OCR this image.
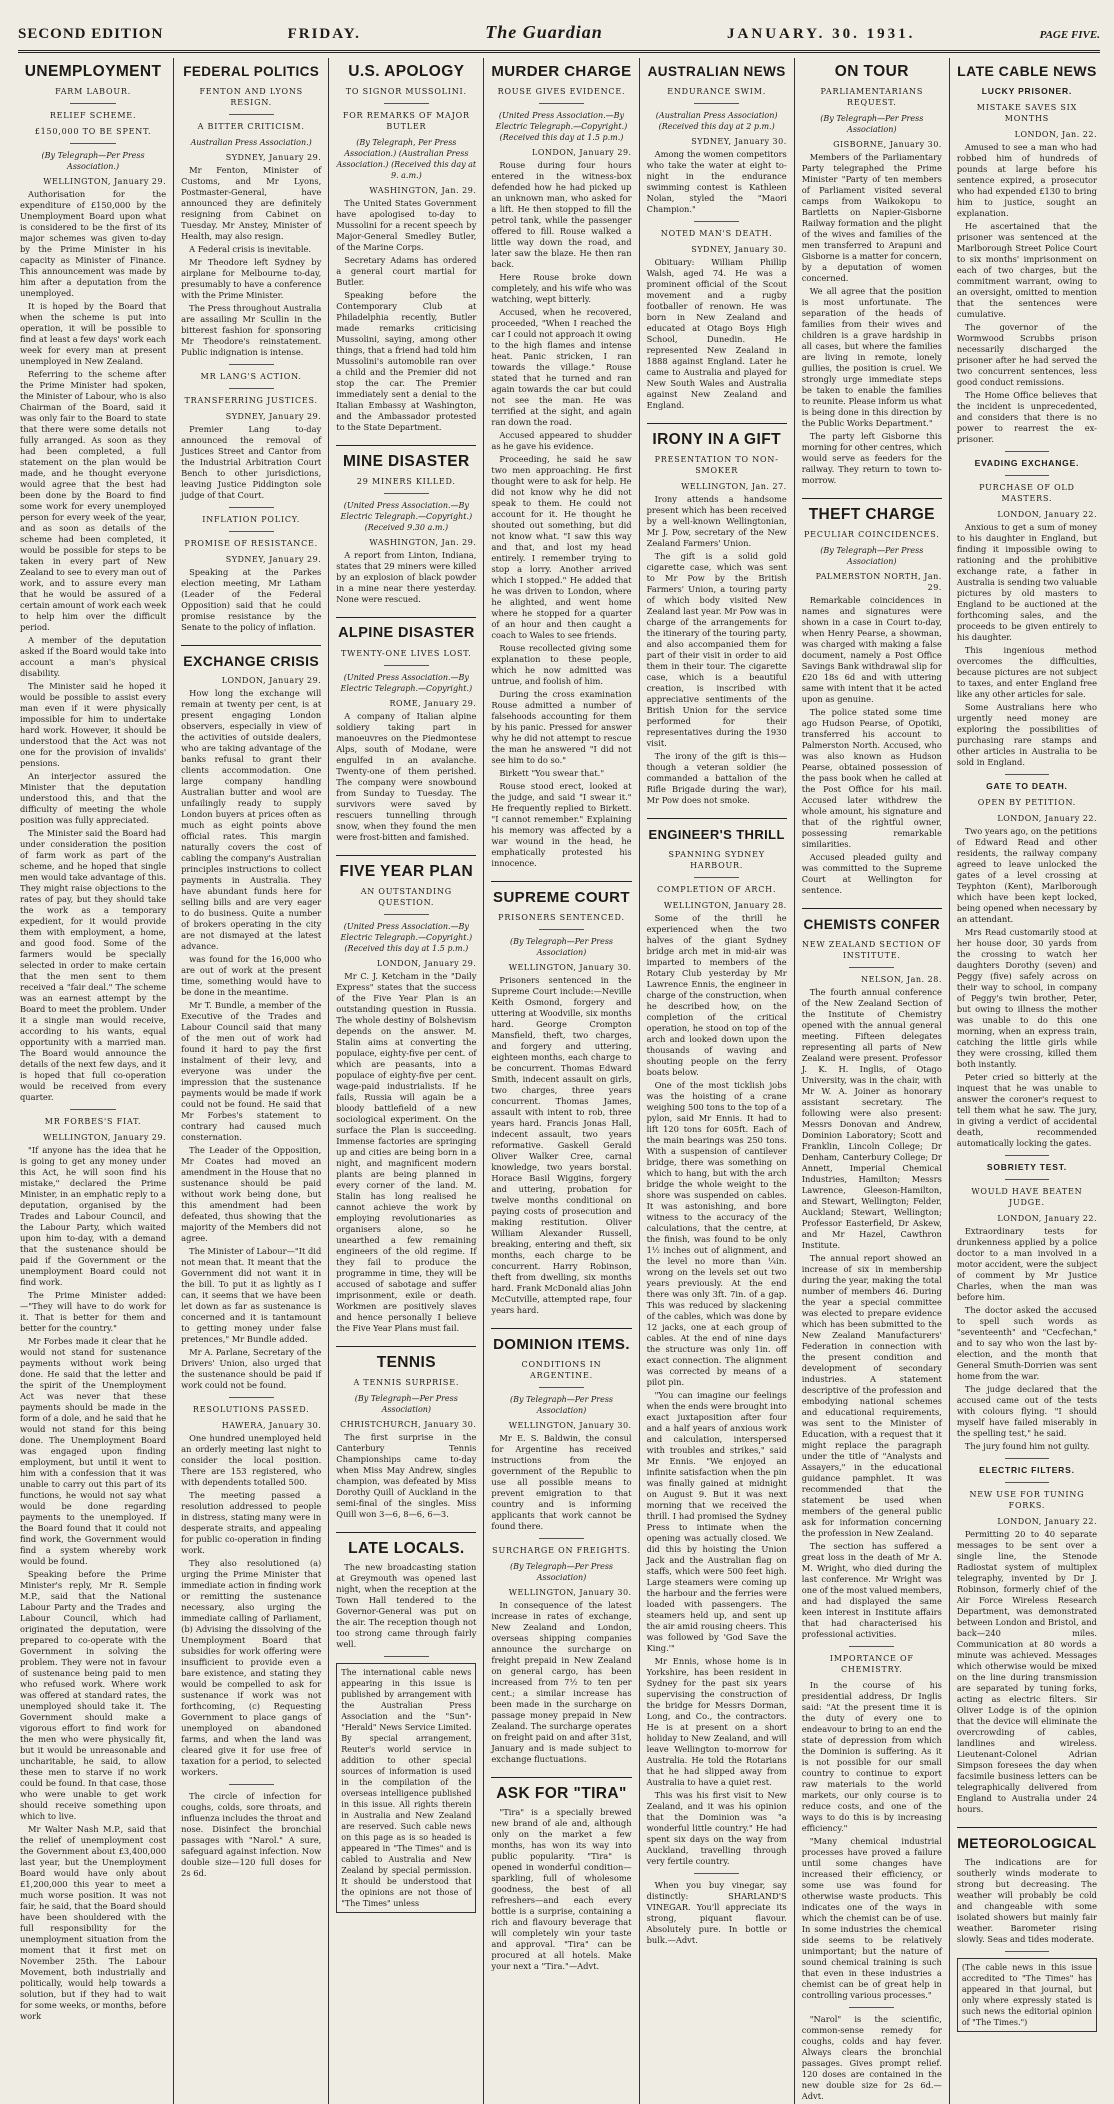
SECOND EDITION	FRIDAY.	The Guardian	JANUARY. 30. 1931.	PAGE FIVE.
UNEMPLOYMENT
FARM LABOUR.
RELIEF SCHEME.
£150,000 TO BE SPENT.
(By Telegraph—Per Press Association.)
WELLINGTON, January 29.

Authorisation for the expenditure of £150,000 by the Unemployment Board upon what is considered to be the first of its major schemes was given to-day by the Prime Minister in his capacity as Minister of Finance. This announcement was made by him after a deputation from the unemployed.

It is hoped by the Board that when the scheme is put into operation, it will be possible to find at least a few days' work each week for every man at present unemployed in New Zealand.

Referring to the scheme after the Prime Minister had spoken, the Minister of Labour, who is also Chairman of the Board, said it was only fair to the Board to state that there were some details not fully arranged. As soon as they had been completed, a full statement on the plan would be made, and he thought everyone would agree that the best had been done by the Board to find some work for every unemployed person for every week of the year, and as soon as details of the scheme had been completed, it would be possible for steps to be taken in every part of New Zealand to see to every man out of work, and to assure every man that he would be assured of a certain amount of work each week to help him over the difficult period.

A member of the deputation asked if the Board would take into account a man's physical disability.

The Minister said he hoped it would be possible to assist every man even if it were physically impossible for him to undertake hard work. However, it should be understood that the Act was not one for the provision of invalids' pensions.

An interjector assured the Minister that the deputation understood this, and that the difficulty of meeting the whole position was fully appreciated.

The Minister said the Board had under consideration the position of farm work as part of the scheme, and he hoped that single men would take advantage of this. They might raise objections to the rates of pay, but they should take the work as a temporary expedient, for it would provide them with employment, a home, and good food. Some of the farmers would be specially selected in order to make certain that the men sent to them received a "fair deal." The scheme was an earnest attempt by the Board to meet the problem. Under it a single man would receive, according to his wants, equal opportunity with a married man. The Board would announce the details of the next few days, and it is hoped that full co-operation would be received from every quarter.

MR FORBES'S FIAT.
WELLINGTON, January 29.

"If anyone has the idea that he is going to get any money under this Act, he will soon find his mistake," declared the Prime Minister, in an emphatic reply to a deputation, organised by the Trades and Labour Council, and the Labour Party, which waited upon him to-day, with a demand that the sustenance should be paid if the Government or the unemployment Board could not find work.

The Prime Minister added:—"They will have to do work for it. That is better for them and better for the country."

Mr Forbes made it clear that he would not stand for sustenance payments without work being done. He said that the letter and the spirit of the Unemployment Act was never that these payments should be made in the form of a dole, and he said that he would not stand for this being done. The Unemployment Board was engaged upon finding employment, but until it went to him with a confession that it was unable to carry out this part of its functions, he would not say what would be done regarding payments to the unemployed. If the Board found that it could not find work, the Government would find a system whereby work would be found.

Speaking before the Prime Minister's reply, Mr R. Semple M.P., said that the National Labour Party and the Trades and Labour Council, which had originated the deputation, were prepared to co-operate with the Government in solving the problem. They were not in favour of sustenance being paid to men who refused work. Where work was offered at standard rates, the unemployed should take it. The Government should make a vigorous effort to find work for the men who were physically fit, but it would be unreasonable and uncharitable, he said, to allow these men to starve if no work could be found. In that case, those who were unable to get work should receive something upon which to live.

Mr Walter Nash M.P., said that the relief of unemployment cost the Government about £3,400,000 last year, but the Unemployment Board would have only about £1,200,000 this year to meet a much worse position. It was not fair, he said, that the Board should have been shouldered with the full responsibility for the unemployment situation from the moment that it first met on November 25th. The Labour Movement, both industrially and politically, would help towards a solution, but if they had to wait for some weeks, or months, before work

FEDERAL POLITICS
FENTON AND LYONS RESIGN.
A BITTER CRITICISM.
Australian Press Association.)
SYDNEY, January 29.

Mr Fenton, Minister of Customs, and Mr Lyons, Postmaster-General, have announced they are definitely resigning from Cabinet on Tuesday. Mr Anstey, Minister of Health, may also resign.

A Federal crisis is inevitable.

Mr Theodore left Sydney by airplane for Melbourne to-day, presumably to have a conference with the Prime Minister.

The Press throughout Australia are assailing Mr Scullin in the bitterest fashion for sponsoring Mr Theodore's reinstatement. Public indignation is intense.

MR LANG'S ACTION.
TRANSFERRING JUSTICES.
SYDNEY, January 29.

Premier Lang to-day announced the removal of Justices Street and Cantor from the Industrial Arbitration Court Bench to other jurisdictions, leaving Justice Piddington sole judge of that Court.

INFLATION POLICY.
PROMISE OF RESISTANCE.
SYDNEY, January 29.

Speaking at the Parkes election meeting, Mr Latham (Leader of the Federal Opposition) said that he could promise resistance by the Senate to the policy of inflation.

EXCHANGE CRISIS
LONDON, January 29.

How long the exchange will remain at twenty per cent, is at present engaging London observers, especially in view of the activities of outside dealers, who are taking advantage of the banks refusal to grant their clients accommodation. One large company handling Australian butter and wool are unfailingly ready to supply London buyers at prices often as much as eight points above official rates. This margin naturally covers the cost of cabling the company's Australian principles instructions to collect payments in Australia. They have abundant funds here for selling bills and are very eager to do business. Quite a number of brokers operating in the city are not dismayed at the latest advance.

was found for the 16,000 who are out of work at the present time, something would have to be done in the meantime.

Mr T. Bundle, a member of the Executive of the Trades and Labour Council said that many of the men out of work had found it hard to pay the first instalment of their levy, and everyone was under the impression that the sustenance payments would be made if work could not be found. He said that Mr Forbes's statement to contrary had caused much consternation.

The Leader of the Opposition, Mr Coates had moved an amendment in the House that no sustenance should be paid without work being done, but this amendment had been defeated, thus showing that the majority of the Members did not agree.

The Minister of Labour—"It did not mean that. It meant that the Government did not want it in the bill. To put it as lightly as I can, it seems that we have been let down as far as sustenance is concerned and it is tantamount to getting money under false pretences," Mr Bundle added.

Mr A. Parlane, Secretary of the Drivers' Union, also urged that the sustenance should be paid if work could not be found.

RESOLUTIONS PASSED.
HAWERA, January 30.

One hundred unemployed held an orderly meeting last night to consider the local position. There are 153 registered, who with dependents totalled 500.

The meeting passed a resolution addressed to people in distress, stating many were in desperate straits, and appealing for public co-operation in finding work.

They also resolutioned (a) urging the Prime Minister that immediate action in finding work or remitting the sustenance necessary, also urging the immediate calling of Parliament, (b) Advising the dissolving of the Unemployment Board that subsidies for work offering were insufficient to provide even a bare existence, and stating they would be compelled to ask for sustenance if work was not forthcoming, (c) Requesting Government to place gangs of unemployed on abandoned farms, and when the land was cleared give it for use free of taxation for a period, to selected workers.

The circle of infection for coughs, colds, sore throats, and influenza includes the throat and nose. Disinfect the bronchial passages with "Narol." A sure, safeguard against infection. Now double size—120 full doses for 2s 6d.

U.S. APOLOGY
TO SIGNOR MUSSOLINI.
FOR REMARKS OF MAJOR BUTLER
(By Telegraph, Per Press Association.) (Australian Press Association.) (Received this day at 9. a.m.)
WASHINGTON, Jan. 29.

The United States Government have apologised to-day to Mussolini for a recent speech by Major-General Smedley Butler, of the Marine Corps.

Secretary Adams has ordered a general court martial for Butler.

Speaking before the Contemporary Club at Philadelphia recently, Butler made remarks criticising Mussolini, saying, among other things, that a friend had told him Mussolini's automobile ran over a child and the Premier did not stop the car. The Premier immediately sent a denial to the Italian Embassy at Washington, and the Ambassador protested to the State Department.

MINE DISASTER
29 MINERS KILLED.
(United Press Association.—By Electric Telegraph.—Copyright.) (Received 9.30 a.m.)
WASHINGTON, Jan. 29.

A report from Linton, Indiana, states that 29 miners were killed by an explosion of black powder in a mine near there yesterday. None were rescued.

ALPINE DISASTER
TWENTY-ONE LIVES LOST.
(United Press Association.—By Electric Telegraph.—Copyright.)
ROME, January 29.

A company of Italian alpine soldiery taking part in manoeuvres on the Piedmontese Alps, south of Modane, were engulfed in an avalanche. Twenty-one of them perished. The company were snowbound from Sunday to Tuesday. The survivors were saved by rescuers tunnelling through snow, when they found the men were frost-bitten and famished.

FIVE YEAR PLAN
AN OUTSTANDING QUESTION.
(United Press Association.—By Electric Telegraph.—Copyright.) (Received this day at 1.5 p.m.)
LONDON, January 29.

Mr C. J. Ketcham in the "Daily Express" states that the success of the Five Year Plan is an outstanding question in Russia. The whole destiny of Bolshevism depends on the answer. M. Stalin aims at converting the populace, eighty-five per cent. of which are peasants, into a populace of eighty-five per cent. wage-paid industrialists. If he fails, Russia will again be a bloody battlefield of a new sociological experiment. On the surface the Plan is succeeding. Immense factories are springing up and cities are being born in a night, and magnificent modern plants are being planned in every corner of the land. M. Stalin has long realised he cannot achieve the work by employing revolutionaries as organisers alone, so he unearthed a few remaining engineers of the old regime. If they fail to produce the programme in time, they will be accused of sabotage and suffer imprisonment, exile or death. Workmen are positively slaves and hence personally I believe the Five Year Plans must fail.

TENNIS
A TENNIS SURPRISE.
(By Telegraph—Per Press Association)
CHRISTCHURCH, January 30.

The first surprise in the Canterbury Tennis Championships came to-day when Miss May Andrew, singles champion, was defeated by Miss Dorothy Quill of Auckland in the semi-final of the singles. Miss Quill won 3—6, 8—6, 6—3.

LATE LOCALS.

The new broadcasting station at Greymouth was opened last night, when the reception at the Town Hall tendered to the Governor-General was put on the air. The reception though not too strong came through fairly well.

The international cable news appearing in this issue is published by arrangement with the Australian Press Association and the "Sun"-"Herald" News Service Limited. By special arrangement, Reuter's world service in addition to other special sources of information is used in the compilation of the overseas intelligence published in this issue. All rights therein in Australia and New Zealand are reserved. Such cable news on this page as is so headed is appeared in "The Times" and is cabled to Australia and New Zealand by special permission. It should be understood that the opinions are not those of "The Times" unless
MURDER CHARGE
ROUSE GIVES EVIDENCE.
(United Press Association.—By Electric Telegraph.—Copyright.) (Received this day at 1.5 p.m.)
LONDON, January 29.

Rouse during four hours entered in the witness-box defended how he had picked up an unknown man, who asked for a lift. He then stopped to fill the petrol tank, while the passenger offered to fill. Rouse walked a little way down the road, and later saw the blaze. He then ran back.

Here Rouse broke down completely, and his wife who was watching, wept bitterly.

Accused, when he recovered, proceeded, "When I reached the car I could not approach it owing to the high flames and intense heat. Panic stricken, I ran towards the village." Rouse stated that he turned and ran again towards the car but could not see the man. He was terrified at the sight, and again ran down the road.

Accused appeared to shudder as he gave his evidence.

Proceeding, he said he saw two men approaching. He first thought were to ask for help. He did not know why he did not speak to them. He could not account for it. He thought he shouted out something, but did not know what. "I saw this way and that, and lost my head entirely. I remember trying to stop a lorry. Another arrived which I stopped." He added that he was driven to London, where he alighted, and went home where he stopped for a quarter of an hour and then caught a coach to Wales to see friends.

Rouse recollected giving some explanation to these people, which he now admitted was untrue, and foolish of him.

During the cross examination Rouse admitted a number of falsehoods accounting for them by his panic. Pressed for answer why he did not attempt to rescue the man he answered "I did not see him to do so."

Birkett "You swear that."

Rouse stood erect, looked at the judge, and said "I swear it." He frequently replied to Birkett. "I cannot remember." Explaining his memory was affected by a war wound in the head, he emphatically protested his innocence.

SUPREME COURT
PRISONERS SENTENCED.
(By Telegraph—Per Press Association)
WELLINGTON, January 30.

Prisoners sentenced in the Supreme Court include:—Neville Keith Osmond, forgery and uttering at Woodville, six months hard. George Crompton Mansfield, theft, two charges, and forgery and uttering, eighteen months, each charge to be concurrent. Thomas Edward Smith, indecent assault on girls, two charges, three years concurrent. Thomas James, assault with intent to rob, three years hard. Francis Jonas Hall, indecent assault, two years reformative. Gaskell Gerald Oliver Walker Cree, carnal knowledge, two years borstal. Horace Basil Wiggins, forgery and uttering, probation for twelve months conditional on paying costs of prosecution and making restitution. Oliver William Alexander Russell, breaking, entering and theft, six months, each charge to be concurrent. Harry Robinson, theft from dwelling, six months hard. Frank McDonald alias John McCutville, attempted rape, four years hard.

DOMINION ITEMS.
CONDITIONS IN ARGENTINE.
(By Telegraph—Per Press Association)
WELLINGTON, January 30.

Mr E. S. Baldwin, the consul for Argentine has received instructions from the government of the Republic to use all possible means to prevent emigration to that country and is informing applicants that work cannot be found there.

SURCHARGE ON FREIGHTS.
(By Telegraph—Per Press Association)
WELLINGTON, January 30.

In consequence of the latest increase in rates of exchange, New Zealand and London, overseas shipping companies announce the surcharge on freight prepaid in New Zealand on general cargo, has been increased from 7½ to ten per cent.; a similar increase has been made in the surcharge on passage money prepaid in New Zealand. The surcharge operates on freight paid on and after 31st, January and is made subject to exchange fluctuations.

ASK FOR "TIRA"

"Tira" is a specially brewed new brand of ale and, although only on the market a few months, has won its way into public popularity. "Tira" is opened in wonderful condition—sparkling, full of wholesome goodness, the best of all refreshers—and each every bottle is a surprise, containing a rich and flavoury beverage that will completely win your taste and approval. "Tira" can be procured at all hotels. Make your next a "Tira."—Advt.

AUSTRALIAN NEWS
ENDURANCE SWIM.
(Australian Press Association) (Received this day at 2 p.m.)
SYDNEY, January 30.

Among the women competitors who take the water at eight to-night in the endurance swimming contest is Kathleen Nolan, styled the "Maori Champion."

NOTED MAN'S DEATH.
SYDNEY, January 30.

Obituary: William Phillip Walsh, aged 74. He was a prominent official of the Scout movement and a rugby footballer of renown. He was born in New Zealand and educated at Otago Boys High School, Dunedin. He represented New Zealand in 1888 against England. Later he came to Australia and played for New South Wales and Australia against New Zealand and England.

IRONY IN A GIFT
PRESENTATION TO NON-SMOKER
WELLINGTON, Jan. 27.

Irony attends a handsome present which has been received by a well-known Wellingtonian, Mr J. Pow, secretary of the New Zealand Farmers' Union.

The gift is a solid gold cigarette case, which was sent to Mr Pow by the British Farmers' Union, a touring party of which body visited New Zealand last year. Mr Pow was in charge of the arrangements for the itinerary of the touring party, and also accompanied them for part of their visit in order to aid them in their tour. The cigarette case, which is a beautiful creation, is inscribed with appreciative sentiments of the British Union for the service performed for their representatives during the 1930 visit.

The irony of the gift is this—though a veteran soldier (he commanded a battalion of the Rifle Brigade during the war), Mr Pow does not smoke.

ENGINEER'S THRILL
SPANNING SYDNEY HARBOUR.
COMPLETION OF ARCH.
WELLINGTON, January 28.

Some of the thrill he experienced when the two halves of the giant Sydney bridge arch met in mid-air was imparted to members of the Rotary Club yesterday by Mr Lawrence Ennis, the engineer in charge of the construction, when he described how, on the completion of the critical operation, he stood on top of the arch and looked down upon the thousands of waving and shouting people on the ferry boats below.

One of the most ticklish jobs was the hoisting of a crane weighing 500 tons to the top of a pylon, said Mr Ennis. It had to lift 120 tons for 605ft. Each of the main bearings was 250 tons. With a suspension of cantilever bridge, there was something on which to hang, but with the arch bridge the whole weight to the shore was suspended on cables. It was astonishing, and bore witness to the accuracy of the calculations, that the centre, at the finish, was found to be only 1½ inches out of alignment, and the level no more than ¼in. wrong on the levels set out two years previously. At the end there was only 3ft. 7in. of a gap. This was reduced by slackening of the cables, which was done by 12 jacks, one at each group of cables. At the end of nine days the structure was only 1in. off exact connection. The alignment was corrected by means of a pilot pin.

"You can imagine our feelings when the ends were brought into exact juxtaposition after four and a half years of anxious work and calculation, interspersed with troubles and strikes," said Mr Ennis. "We enjoyed an infinite satisfaction when the pin was finally gained at midnight on August 9. But it was next morning that we received the thrill. I had promised the Sydney Press to intimate when the opening was actually closed. We did this by hoisting the Union Jack and the Australian flag on staffs, which were 500 feet high. Large steamers were coming up the harbour and the ferries were loaded with passengers. The steamers held up, and sent up the air amid rousing cheers. This was followed by 'God Save the King.'"

Mr Ennis, whose home is in Yorkshire, has been resident in Sydney for the past six years supervising the construction of the bridge for Messrs Dorman, Long, and Co., the contractors. He is at present on a short holiday to New Zealand, and will leave Wellington to-morrow for Australia. He told the Rotarians that he had slipped away from Australia to have a quiet rest.

This was his first visit to New Zealand, and it was his opinion that the Dominion was "a wonderful little country." He had spent six days on the way from Auckland, travelling through very fertile country.

When you buy vinegar, say distinctly: SHARLAND'S VINEGAR. You'll appreciate its strong, piquant flavour. Absolutely pure. In bottle or bulk.—Advt.

ON TOUR
PARLIAMENTARIANS REQUEST.
(By Telegraph—Per Press Association)
GISBORNE, January 30.

Members of the Parliamentary Party telegraphed the Prime Minister "Party of ten members of Parliament visited several camps from Waikokopu to Bartletts on Napier-Gisborne Railway formation and the plight of the wives and families of the men transferred to Arapuni and Gisborne is a matter for concern, by a deputation of women concerned.

We all agree that the position is most unfortunate. The separation of the heads of families from their wives and children is a grave hardship in all cases, but where the families are living in remote, lonely gullies, the position is cruel. We strongly urge immediate steps be taken to enable the families to reunite. Please inform us what is being done in this direction by the Public Works Department."

The party left Gisborne this morning for other centres, which would serve as feeders for the railway. They return to town to-morrow.

THEFT CHARGE
PECULIAR COINCIDENCES.
(By Telegraph—Per Press Association)
PALMERSTON NORTH, Jan. 29.

Remarkable coincidences in names and signatures were shown in a case in Court to-day, when Henry Pearse, a showman, was charged with making a false document, namely a Post Office Savings Bank withdrawal slip for £20 18s 6d and with uttering same with intent that it be acted upon as genuine.

The police stated some time ago Hudson Pearse, of Opotiki, transferred his account to Palmerston North. Accused, who was also known as Hudson Pearse, obtained possession of the pass book when he called at the Post Office for his mail. Accused later withdrew the whole amount, his signature and that of the rightful owner, possessing remarkable similarities.

Accused pleaded guilty and was committed to the Supreme Court at Wellington for sentence.

CHEMISTS CONFER
NEW ZEALAND SECTION OF INSTITUTE.
NELSON, Jan. 28.

The fourth annual conference of the New Zealand Section of the Institute of Chemistry opened with the annual general meeting. Fifteen delegates representing all parts of New Zealand were present. Professor J. K. H. Inglis, of Otago University, was in the chair, with Mr W. A. Joiner as honorary assistant secretary. The following were also present: Messrs Donovan and Andrew, Dominion Laboratory; Scott and Franklin, Lincoln College; Dr Denham, Canterbury College; Dr Annett, Imperial Chemical Industries, Hamilton; Messrs Lawrence, Gleeson-Hamilton, and Stewart, Wellington; Felder, Auckland; Stewart, Wellington; Professor Easterfield, Dr Askew, and Mr Hazel, Cawthron Institute.

The annual report showed an increase of six in membership during the year, making the total number of members 46. During the year a special committee was elected to prepare evidence which has been submitted to the New Zealand Manufacturers' Federation in connection with the present condition and development of secondary industries. A statement descriptive of the profession and embodying national schemes and educational requirements, was sent to the Minister of Education, with a request that it might replace the paragraph under the title of "Analysts and Assayers," in the educational guidance pamphlet. It was recommended that the statement be used when members of the general public ask for information concerning the profession in New Zealand.

The section has suffered a great loss in the death of Mr A. M. Wright, who died during the last conference. Mr Wright was one of the most valued members, and had displayed the same keen interest in Institute affairs that had characterised his professional activities.

IMPORTANCE OF CHEMISTRY.

In the course of his presidential address, Dr Inglis said: "At the present time it is the duty of every one to endeavour to bring to an end the state of depression from which the Dominion is suffering. As it is not possible for our small country to continue to export raw materials to the world markets, our only course is to reduce costs, and one of the ways to do this is by increasing efficiency."

"Many chemical industrial processes have proved a failure until some changes have increased their efficiency, or some use was found for otherwise waste products. This indicates one of the ways in which the chemist can be of use. In some industries the chemical side seems to be relatively unimportant; but the nature of sound chemical training is such that even in these industries a chemist can be of great help in controlling various processes."

"Narol" is the scientific, common-sense remedy for coughs, colds and hay fever. Always clears the bronchial passages. Gives prompt relief. 120 doses are contained in the new double size for 2s 6d.—Advt.

LATE CABLE NEWS
LUCKY PRISONER.
MISTAKE SAVES SIX MONTHS
LONDON, Jan. 22.

Amused to see a man who had robbed him of hundreds of pounds at large before his sentence expired, a prosecutor who had expended £130 to bring him to justice, sought an explanation.

He ascertained that the prisoner was sentenced at the Marlborough Street Police Court to six months' imprisonment on each of two charges, but the commitment warrant, owing to an oversight, omitted to mention that the sentences were cumulative.

The governor of the Wormwood Scrubbs prison necessarily discharged the prisoner after he had served the two concurrent sentences, less good conduct remissions.

The Home Office believes that the incident is unprecedented, and considers that there is no power to rearrest the ex-prisoner.

EVADING EXCHANGE.
PURCHASE OF OLD MASTERS.
LONDON, January 22.

Anxious to get a sum of money to his daughter in England, but finding it impossible owing to rationing and the prohibitive exchange rate, a father in Australia is sending two valuable pictures by old masters to England to be auctioned at the forthcoming sales, and the proceeds to be given entirely to his daughter.

This ingenious method overcomes the difficulties, because pictures are not subject to taxes, and enter England free like any other articles for sale.

Some Australians here who urgently need money are exploring the possibilities of purchasing rare stamps and other articles in Australia to be sold in England.

GATE TO DEATH.
OPEN BY PETITION.
LONDON, January 22.

Two years ago, on the petitions of Edward Read and other residents, the railway company agreed to leave unlocked the gates of a level crossing at Teyphton (Kent), Marlborough which have been kept locked, being opened when necessary by an attendant.

Mrs Read customarily stood at her house door, 30 yards from the crossing to watch her daughters Dorothy (seven) and Peggy (five) safely across on their way to school, in company of Peggy's twin brother, Peter, but owing to illness the mother was unable to do this one morning, when an express train, catching the little girls while they were crossing, killed them both instantly.

Peter cried so bitterly at the inquest that he was unable to answer the coroner's request to tell them what he saw. The jury, in giving a verdict of accidental death, recommended automatically locking the gates.

SOBRIETY TEST.
WOULD HAVE BEATEN JUDGE.
LONDON, January 22.

Extraordinary tests for drunkenness applied by a police doctor to a man involved in a motor accident, were the subject of comment by Mr Justice Charles, when the man was before him.

The doctor asked the accused to spell such words as "seventeenth" and "Cecfechan," and to say who won the last by-election, and the month that General Smuth-Dorrien was sent home from the war.

The judge declared that the accused came out of the tests with colours flying. "I should myself have failed miserably in the spelling test," he said.

The jury found him not guilty.

ELECTRIC FILTERS.
NEW USE FOR TUNING FORKS.
LONDON, January 22.

Permitting 20 to 40 separate messages to be sent over a single line, the Stenode Radiostat system of multiplex telegraphy, invented by Dr J. Robinson, formerly chief of the Air Force Wireless Research Department, was demonstrated between London and Bristol, and back—240 miles. Communication at 80 words a minute was achieved. Messages which otherwise would be mixed on the line during transmission are separated by tuning forks, acting as electric filters. Sir Oliver Lodge is of the opinion that the device will eliminate the overcrowding of cables, landlines and wireless. Lieutenant-Colonel Adrian Simpson foresees the day when facsimile business letters can be telegraphically delivered from England to Australia under 24 hours.

METEOROLOGICAL

The indications are for southerly winds moderate to strong but decreasing. The weather will probably be cold and changeable with some isolated showers but mainly fair weather. Barometer rising slowly. Seas and tides moderate.

(The cable news in this issue accredited to "The Times" has appeared in that journal, but only where expressly stated is such news the editorial opinion of "The Times.")
